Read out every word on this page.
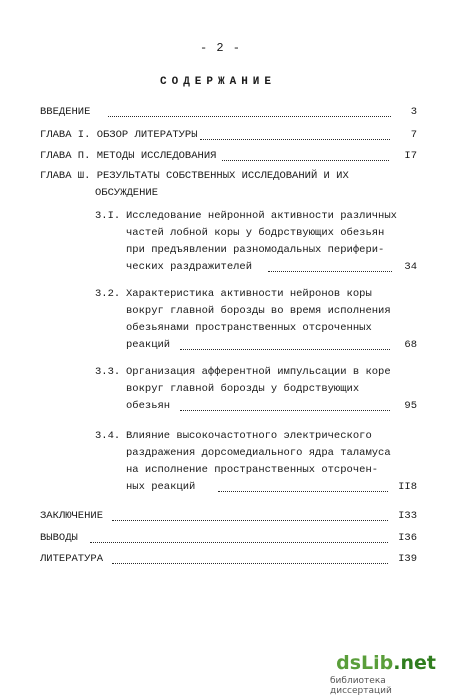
- 2 -
СОДЕРЖАНИЕ
ВВЕДЕНИЕ	3
ГЛАВА I. ОБЗОР ЛИТЕРАТУРЫ	7
ГЛАВА П. МЕТОДЫ ИССЛЕДОВАНИЯ	I7
ГЛАВА Ш. РЕЗУЛЬТАТЫ СОБСТВЕННЫХ ИССЛЕДОВАНИЙ И ИХ
ОБСУЖДЕНИЕ
3.I. Исследование нейронной активности различных
частей лобной коры у бодрствующих обезьян
при предъявлении разномодальных перифери-
ческих раздражителей	34
3.2. Характеристика активности нейронов коры
вокруг главной борозды во время исполнения
обезьянами пространственных отсроченных
реакций	68
3.3. Организация афферентной импульсации в коре
вокруг главной борозды у бодрствующих
обезьян	95
3.4. Влияние высокочастотного электрического
раздражения дорсомедиального ядра таламуса
на исполнение пространственных отсрочен-
ных реакций	II8
ЗАКЛЮЧЕНИЕ	I33
ВЫВОДЫ	I36
ЛИТЕРАТУРА	I39
dsLib.net
библиотека диссертаций
